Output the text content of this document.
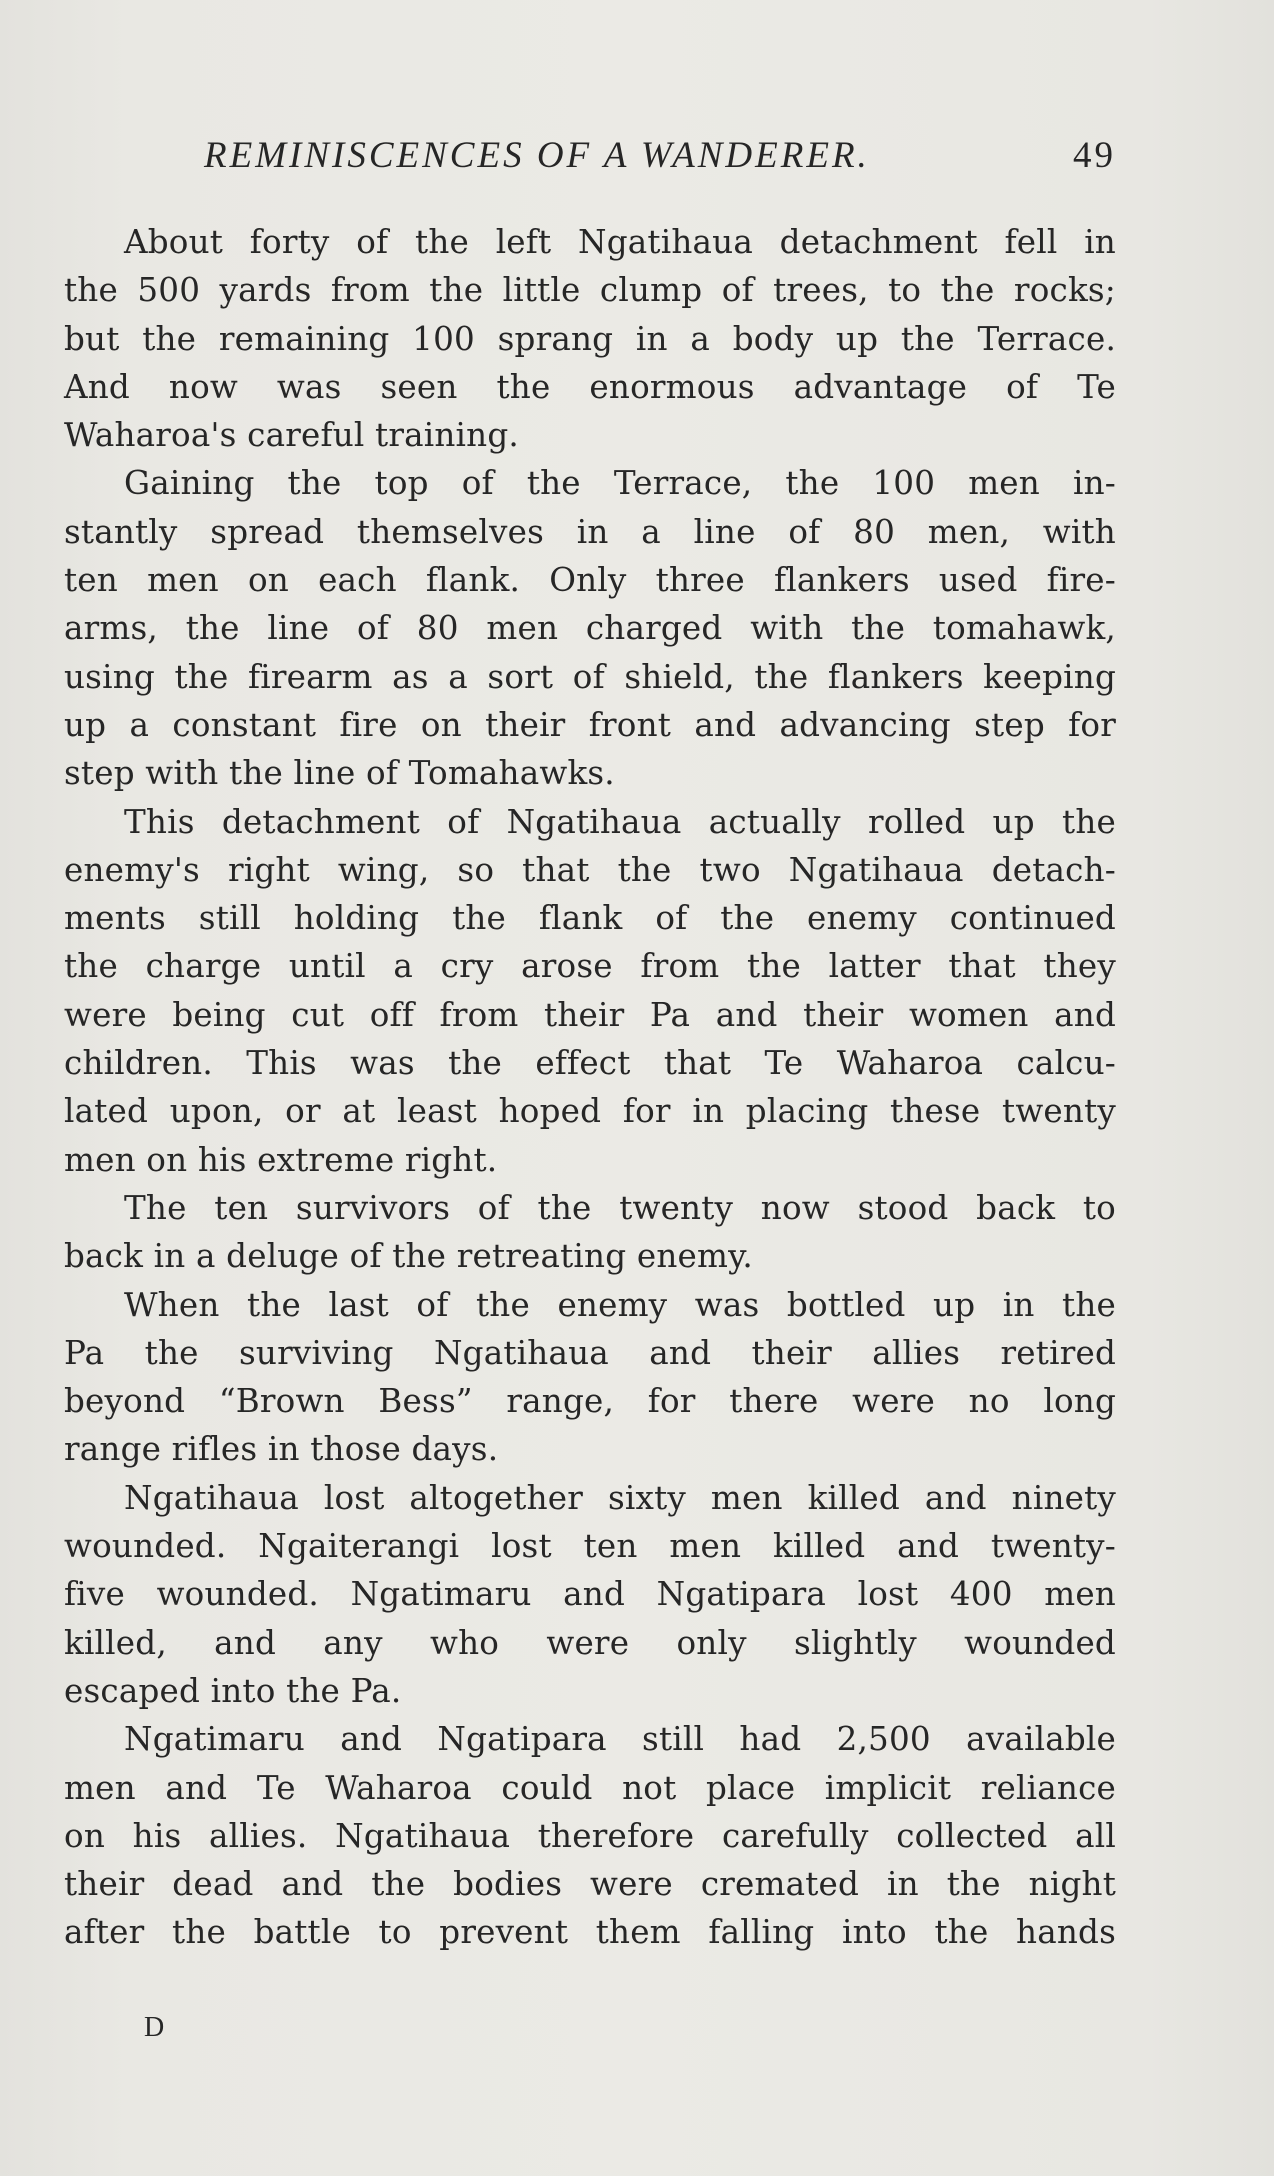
REMINISCENCES OF A WANDERER.	49
About forty of the left Ngatihaua detachment fell in
the 500 yards from the little clump of trees, to the rocks;
but the remaining 100 sprang in a body up the Terrace.
And now was seen the enormous advantage of Te
Waharoa's careful training.
Gaining the top of the Terrace, the 100 men in-
stantly spread themselves in a line of 80 men, with
ten men on each flank. Only three flankers used fire-
arms, the line of 80 men charged with the tomahawk,
using the firearm as a sort of shield, the flankers keeping
up a constant fire on their front and advancing step for
step with the line of Tomahawks.
This detachment of Ngatihaua actually rolled up the
enemy's right wing, so that the two Ngatihaua detach-
ments still holding the flank of the enemy continued
the charge until a cry arose from the latter that they
were being cut off from their Pa and their women and
children. This was the effect that Te Waharoa calcu-
lated upon, or at least hoped for in placing these twenty
men on his extreme right.
The ten survivors of the twenty now stood back to
back in a deluge of the retreating enemy.
When the last of the enemy was bottled up in the
Pa the surviving Ngatihaua and their allies retired
beyond “Brown Bess” range, for there were no long
range rifles in those days.
Ngatihaua lost altogether sixty men killed and ninety
wounded. Ngaiterangi lost ten men killed and twenty-
five wounded. Ngatimaru and Ngatipara lost 400 men
killed, and any who were only slightly wounded
escaped into the Pa.
Ngatimaru and Ngatipara still had 2,500 available
men and Te Waharoa could not place implicit reliance
on his allies. Ngatihaua therefore carefully collected all
their dead and the bodies were cremated in the night
after the battle to prevent them falling into the hands
D
